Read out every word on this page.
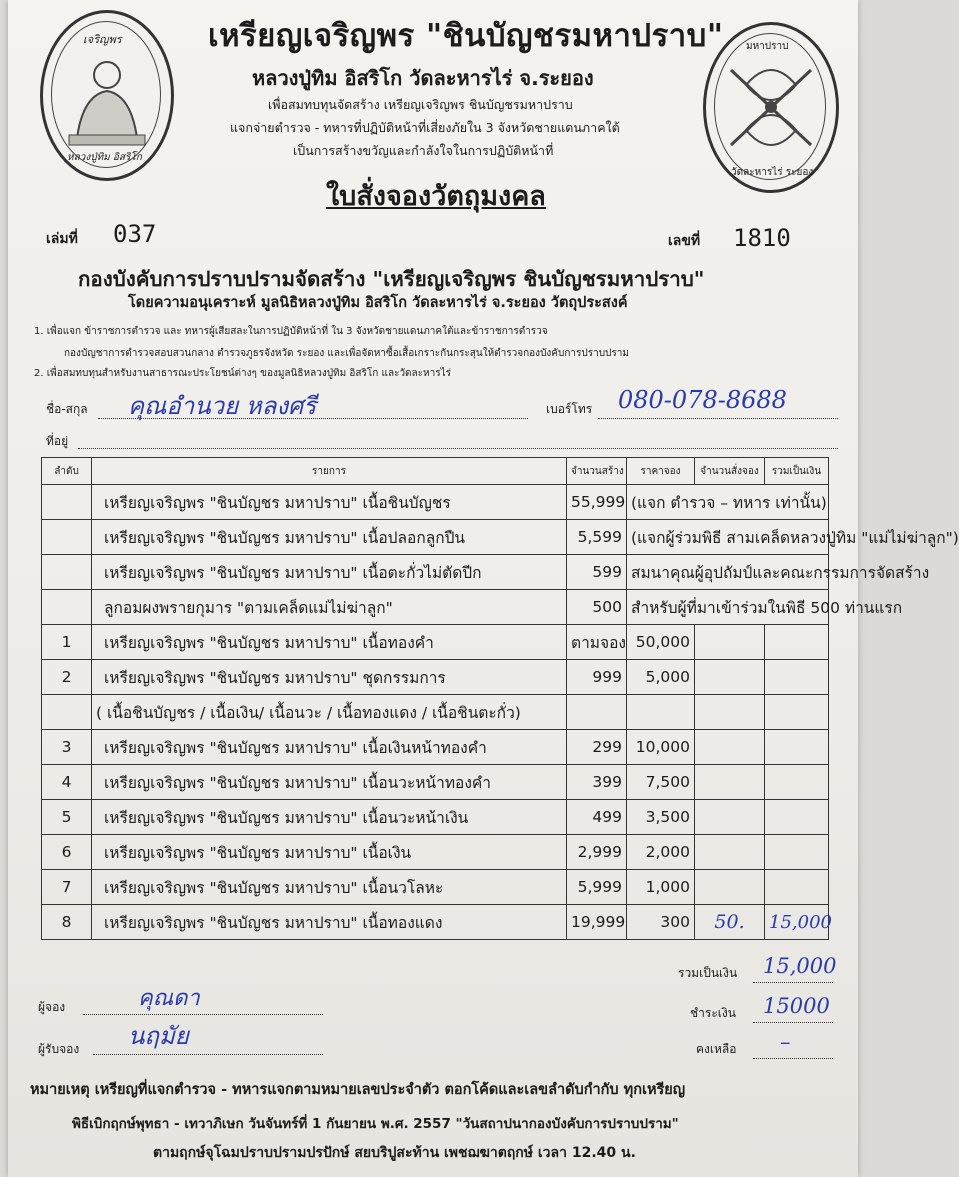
เจริญพร
หลวงปู่ทิม อิสริโก
มหาปราบ
วัดละหารไร่ ระยอง
เหรียญเจริญพร "ชินบัญชรมหาปราบ"
หลวงปู่ทิม อิสริโก วัดละหารไร่ จ.ระยอง
เพื่อสมทบทุนจัดสร้าง เหรียญเจริญพร ชินบัญชรมหาปราบ
แจกจ่ายตำรวจ - ทหารที่ปฏิบัติหน้าที่เสี่ยงภัยใน 3 จังหวัดชายแดนภาคใต้
เป็นการสร้างขวัญและกำลังใจในการปฏิบัติหน้าที่
ใบสั่งจองวัตถุมงคล
เล่มที่ 037	เลขที่ 1810
กองบังคับการปราบปรามจัดสร้าง "เหรียญเจริญพร ชินบัญชรมหาปราบ"
โดยความอนุเคราะห์ มูลนิธิหลวงปู่ทิม อิสริโก วัดละหารไร่ จ.ระยอง วัตถุประสงค์
1. เพื่อแจก ข้าราชการตำรวจ และ ทหารผู้เสียสละในการปฏิบัติหน้าที่ ใน 3 จังหวัดชายแดนภาคใต้และข้าราชการตำรวจ
กองบัญชาการตำรวจสอบสวนกลาง ตำรวจภูธรจังหวัด ระยอง และเพื่อจัดหาซื้อเสื้อเกราะกันกระสุนให้ตำรวจกองบังคับการปราบปราม
2. เพื่อสมทบทุนสำหรับงานสาธารณะประโยชน์ต่างๆ ของมูลนิธิหลวงปู่ทิม อิสริโก และวัดละหารไร่
ชื่อ-สกุล คุณอำนวย หลงศรี	เบอร์โทร 080-078-8688
ที่อยู่
ลำดับ	รายการ	จำนวนสร้าง	ราคาจอง	จำนวนสั่งจอง	รวมเป็นเงิน
	เหรียญเจริญพร "ชินบัญชร มหาปราบ" เนื้อชินบัญชร	55,999	(แจก ตำรวจ – ทหาร เท่านั้น)		
	เหรียญเจริญพร "ชินบัญชร มหาปราบ" เนื้อปลอกลูกปืน	5,599	(แจกผู้ร่วมพิธี สามเคล็ดหลวงปู่ทิม "แม่ไม่ฆ่าลูก")		
	เหรียญเจริญพร "ชินบัญชร มหาปราบ" เนื้อตะกั่วไม่ตัดปีก	599	สมนาคุณผู้อุปถัมป์และคณะกรรมการจัดสร้าง		
	ลูกอมผงพรายกุมาร "ตามเคล็ดแม่ไม่ฆ่าลูก"	500	สำหรับผู้ที่มาเข้าร่วมในพิธี 500 ท่านแรก		
1	เหรียญเจริญพร "ชินบัญชร มหาปราบ" เนื้อทองคำ	ตามจอง	50,000		
2	เหรียญเจริญพร "ชินบัญชร มหาปราบ" ชุดกรรมการ	999	5,000		
	( เนื้อชินบัญชร / เนื้อเงิน/ เนื้อนวะ / เนื้อทองแดง / เนื้อชินตะกั่ว)				
3	เหรียญเจริญพร "ชินบัญชร มหาปราบ" เนื้อเงินหน้าทองคำ	299	10,000		
4	เหรียญเจริญพร "ชินบัญชร มหาปราบ" เนื้อนวะหน้าทองคำ	399	7,500		
5	เหรียญเจริญพร "ชินบัญชร มหาปราบ" เนื้อนวะหน้าเงิน	499	3,500		
6	เหรียญเจริญพร "ชินบัญชร มหาปราบ" เนื้อเงิน	2,999	2,000		
7	เหรียญเจริญพร "ชินบัญชร มหาปราบ" เนื้อนวโลหะ	5,999	1,000		
8	เหรียญเจริญพร "ชินบัญชร มหาปราบ" เนื้อทองแดง	19,999	300	50.	15,000
รวมเป็นเงิน 15,000
ชำระเงิน 15000
คงเหลือ –
ผู้จอง	คุณดา
ผู้รับจอง นฤมัย
หมายเหตุ เหรียญที่แจกตำรวจ - ทหารแจกตามหมายเลขประจำตัว ตอกโค้ดและเลขลำดับกำกับ ทุกเหรียญ
พิธีเบิกฤกษ์พุทธา - เทวาภิเษก วันจันทร์ที่ 1 กันยายน พ.ศ. 2557 "วันสถาปนากองบังคับการปราบปราม"
ตามฤกษ์จุโฉมปราบปรามปรปักษ์ สยบริปูสะท้าน เพชฌฆาตฤกษ์ เวลา 12.40 น.
